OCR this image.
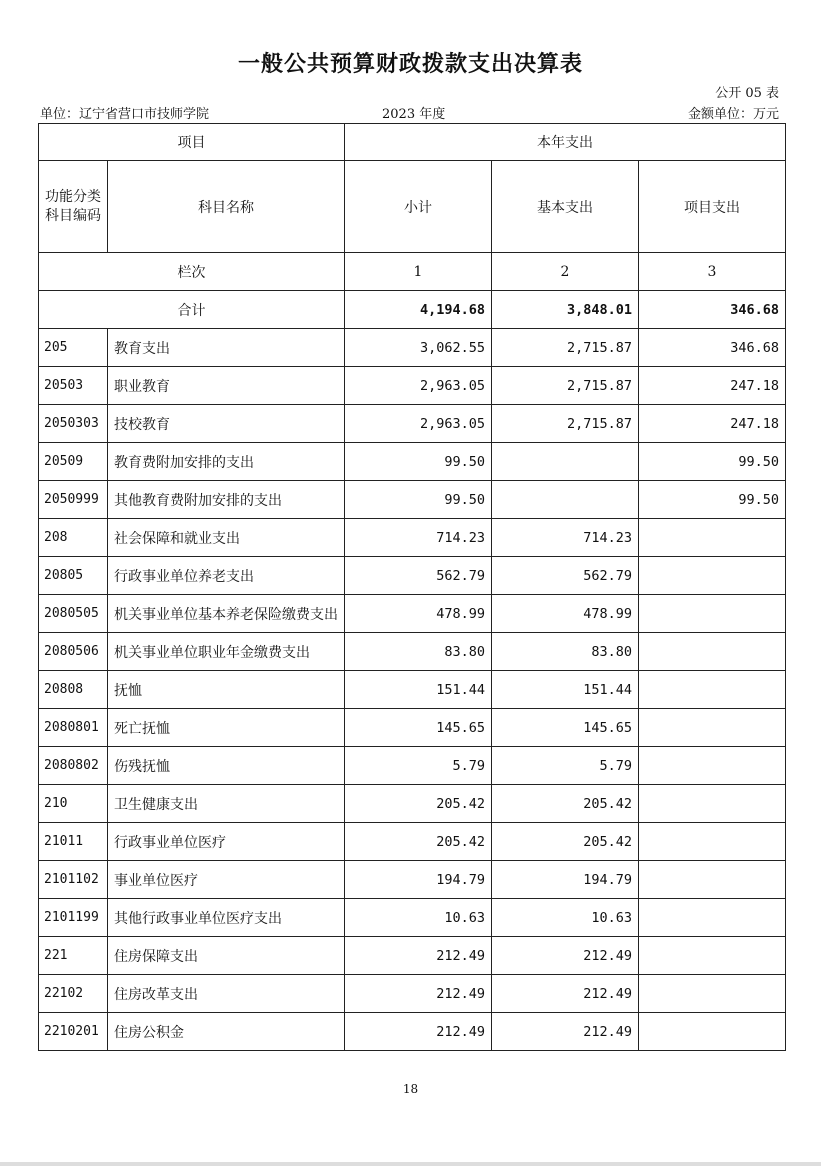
一般公共预算财政拨款支出决算表
公开 05 表
单位：辽宁省营口市技师学院	2023 年度	金额单位：万元
项目		本年支出		
功能分类科目编码	科目名称	小计	基本支出	项目支出
栏次		1	2	3
合计		4,194.68	3,848.01	346.68
205	教育支出	3,062.55	2,715.87	346.68
20503	职业教育	2,963.05	2,715.87	247.18
2050303	技校教育	2,963.05	2,715.87	247.18
20509	教育费附加安排的支出	99.50		99.50
2050999	其他教育费附加安排的支出	99.50		99.50
208	社会保障和就业支出	714.23	714.23	
20805	行政事业单位养老支出	562.79	562.79	
2080505	机关事业单位基本养老保险缴费支出	478.99	478.99	
2080506	机关事业单位职业年金缴费支出	83.80	83.80	
20808	抚恤	151.44	151.44	
2080801	死亡抚恤	145.65	145.65	
2080802	伤残抚恤	5.79	5.79	
210	卫生健康支出	205.42	205.42	
21011	行政事业单位医疗	205.42	205.42	
2101102	事业单位医疗	194.79	194.79	
2101199	其他行政事业单位医疗支出	10.63	10.63	
221	住房保障支出	212.49	212.49	
22102	住房改革支出	212.49	212.49	
2210201	住房公积金	212.49	212.49	
18
